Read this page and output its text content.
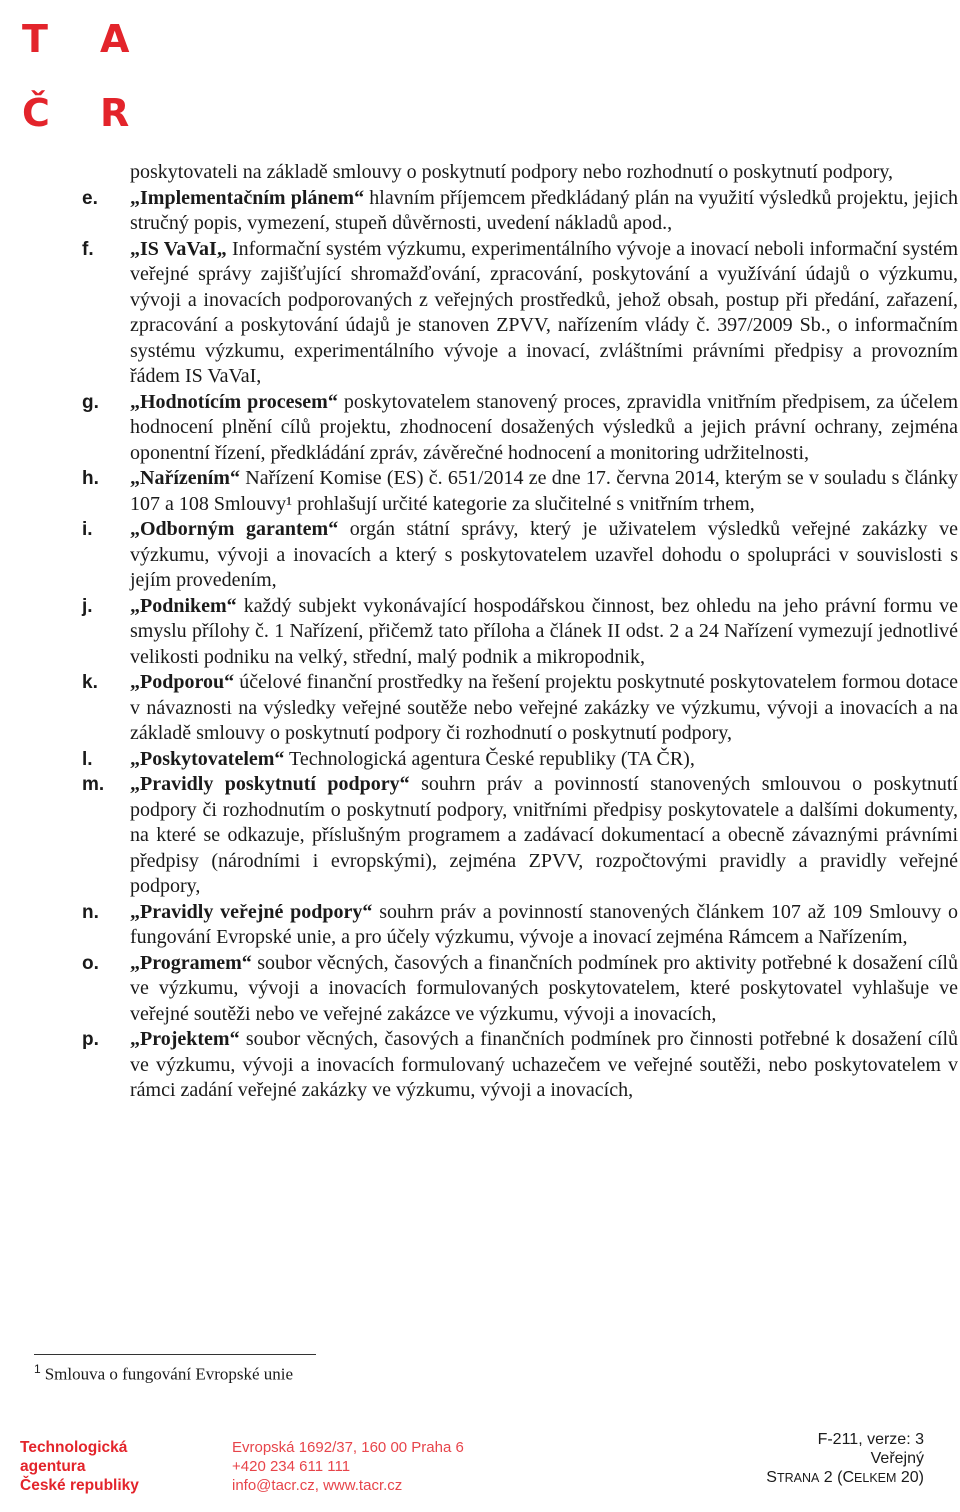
T A
Č R
poskytovateli na základě smlouvy o poskytnutí podpory nebo rozhodnutí o poskytnutí podpory,
e. „Implementačním plánem“ hlavním příjemcem předkládaný plán na využití výsledků projektu, jejich stručný popis, vymezení, stupeň důvěrnosti, uvedení nákladů apod.,
f. „IS VaVaI„ Informační systém výzkumu, experimentálního vývoje a inovací neboli informační systém veřejné správy zajišťující shromažďování, zpracování, poskytování a využívání údajů o výzkumu, vývoji a inovacích podporovaných z veřejných prostředků, jehož obsah, postup při předání, zařazení, zpracování a poskytování údajů je stanoven ZPVV, nařízením vlády č. 397/2009 Sb., o informačním systému výzkumu, experimentálního vývoje a inovací, zvláštními právními předpisy a provozním řádem IS VaVaI,
g. „Hodnotícím procesem“ poskytovatelem stanovený proces, zpravidla vnitřním předpisem, za účelem hodnocení plnění cílů projektu, zhodnocení dosažených výsledků a jejich právní ochrany, zejména oponentní řízení, předkládání zpráv, závěrečné hodnocení a monitoring udržitelnosti,
h. „Nařízením“ Nařízení Komise (ES) č. 651/2014 ze dne 17. června 2014, kterým se v souladu s články 107 a 108 Smlouvy¹ prohlašují určité kategorie za slučitelné s vnitřním trhem,
i. „Odborným garantem“ orgán státní správy, který je uživatelem výsledků veřejné zakázky ve výzkumu, vývoji a inovacích a který s poskytovatelem uzavřel dohodu o spolupráci v souvislosti s jejím provedením,
j. „Podnikem“ každý subjekt vykonávající hospodářskou činnost, bez ohledu na jeho právní formu ve smyslu přílohy č. 1 Nařízení, přičemž tato příloha a článek II odst. 2 a 24 Nařízení vymezují jednotlivé velikosti podniku na velký, střední, malý podnik a mikropodnik,
k. „Podporou“ účelové finanční prostředky na řešení projektu poskytnuté poskytovatelem formou dotace v návaznosti na výsledky veřejné soutěže nebo veřejné zakázky ve výzkumu, vývoji a inovacích a na základě smlouvy o poskytnutí podpory či rozhodnutí o poskytnutí podpory,
l. „Poskytovatelem“ Technologická agentura České republiky (TA ČR),
m. „Pravidly poskytnutí podpory“ souhrn práv a povinností stanovených smlouvou o poskytnutí podpory či rozhodnutím o poskytnutí podpory, vnitřními předpisy poskytovatele a dalšími dokumenty, na které se odkazuje, příslušným programem a zadávací dokumentací a obecně závaznými právními předpisy (národními i evropskými), zejména ZPVV, rozpočtovými pravidly a pravidly veřejné podpory,
n. „Pravidly veřejné podpory“ souhrn práv a povinností stanovených článkem 107 až 109 Smlouvy o fungování Evropské unie, a pro účely výzkumu, vývoje a inovací zejména Rámcem a Nařízením,
o. „Programem“ soubor věcných, časových a finančních podmínek pro aktivity potřebné k dosažení cílů ve výzkumu, vývoji a inovacích formulovaných poskytovatelem, které poskytovatel vyhlašuje ve veřejné soutěži nebo ve veřejné zakázce ve výzkumu, vývoji a inovacích,
p. „Projektem“ soubor věcných, časových a finančních podmínek pro činnosti potřebné k dosažení cílů ve výzkumu, vývoji a inovacích formulovaný uchazečem ve veřejné soutěži, nebo poskytovatelem v rámci zadání veřejné zakázky ve výzkumu, vývoji a inovacích,
$^1$ Smlouva o fungování Evropské unie
Technologická
agentura
České republiky
Evropská 1692/37, 160 00 Praha 6
+420 234 611 111
info@tacr.cz, www.tacr.cz
F-211, verze: 3
Veřejný
STRANA 2 (CELKEM 20)
